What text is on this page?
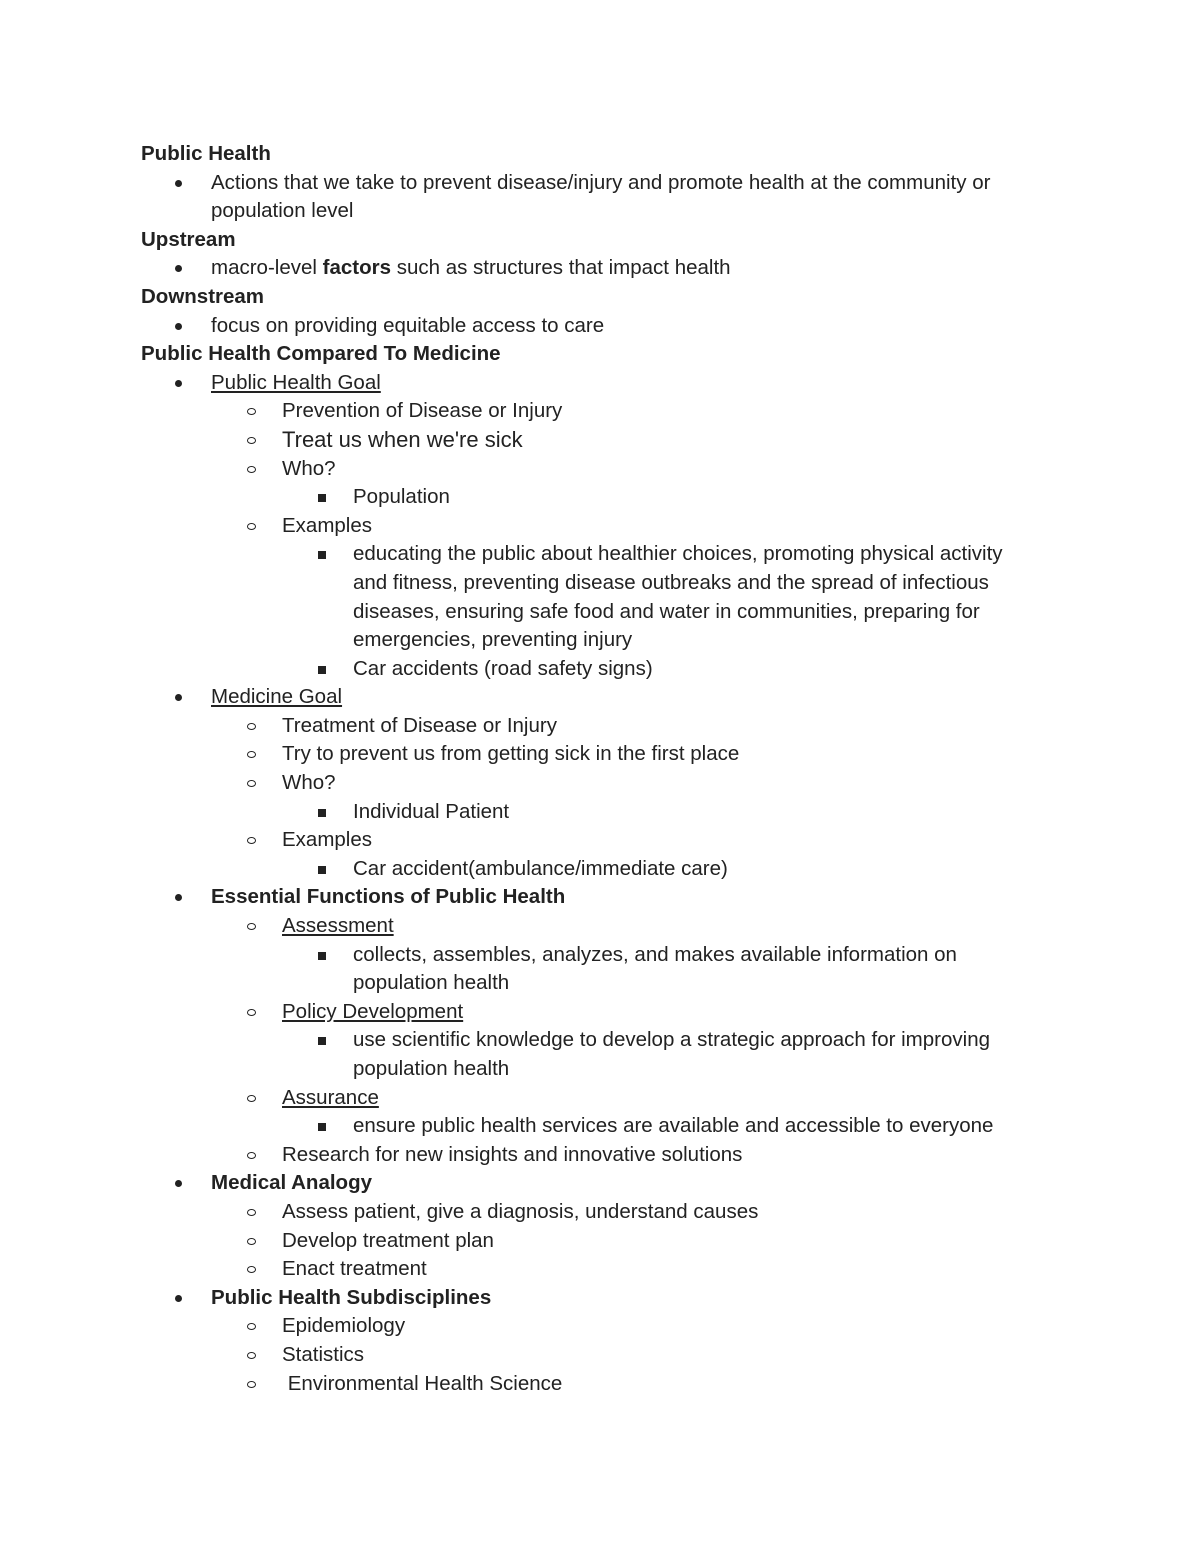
Public Health
Actions that we take to prevent disease/injury and promote health at the community or population level
Upstream
macro-level factors such as structures that impact health
Downstream
focus on providing equitable access to care
Public Health Compared To Medicine
Public Health Goal
Prevention of Disease or Injury
Treat us when we're sick
Who?
Population
Examples
educating the public about healthier choices, promoting physical activity and fitness, preventing disease outbreaks and the spread of infectious diseases, ensuring safe food and water in communities, preparing for emergencies, preventing injury
Car accidents (road safety signs)
Medicine Goal
Treatment of Disease or Injury
Try to prevent us from getting sick in the first place
Who?
Individual Patient
Examples
Car accident(ambulance/immediate care)
Essential Functions of Public Health
Assessment
collects, assembles, analyzes, and makes available information on population health
Policy Development
use scientific knowledge to develop a strategic approach for improving population health
Assurance
ensure public health services are available and accessible to everyone
Research for new insights and innovative solutions
Medical Analogy
Assess patient, give a diagnosis, understand causes
Develop treatment plan
Enact treatment
Public Health Subdisciplines
Epidemiology
Statistics
Environmental Health Science
